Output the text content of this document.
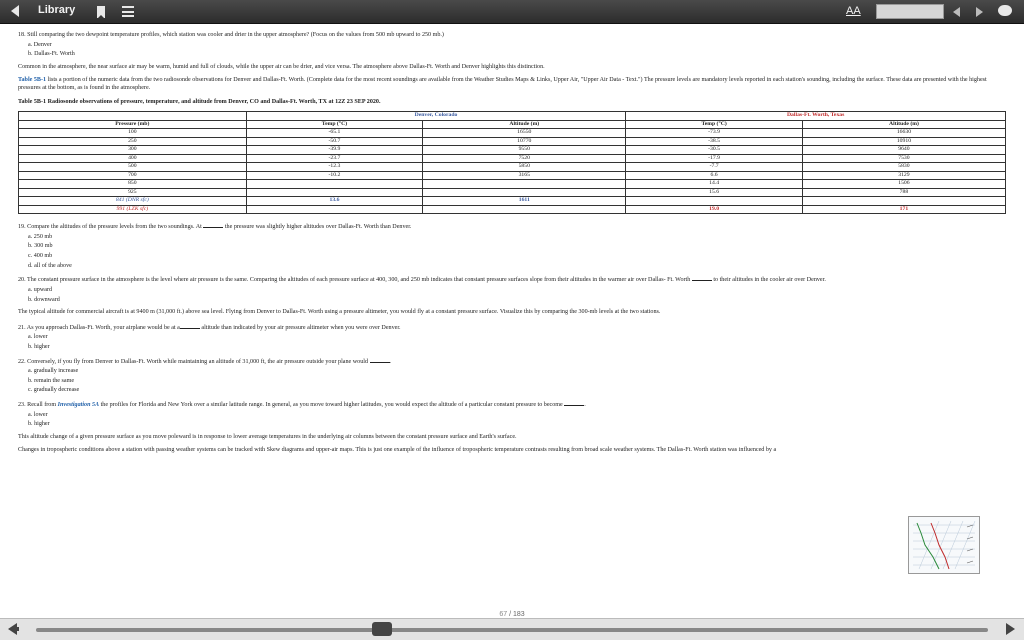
Library	AA
18. Still comparing the two dewpoint temperature profiles, which station was cooler and drier in the upper atmosphere? (Focus on the values from 500 mb upward to 250 mb.)
a. Denver
b. Dallas-Ft. Worth

Common in the atmosphere, the near surface air may be warm, humid and full of clouds, while the upper air can be drier, and vice versa. The atmosphere above Dallas-Ft. Worth and Denver highlights this distinction.

Table 5B-1 lists a portion of the numeric data from the two radiosonde observations for Denver and Dallas-Ft. Worth. (Complete data for the most recent soundings are available from the Weather Studies Maps & Links, Upper Air, "Upper Air Data - Text.") The pressure levels are mandatory levels reported in each station's sounding, including the surface. These data are presented with the highest pressures at the bottom, as is found in the atmosphere.

Table 5B-1 Radiosonde observations of pressure, temperature, and altitude from Denver, CO and Dallas-Ft. Worth, TX at 12Z 23 SEP 2020.
	Denver, Colorado		Dallas-Ft. Worth, Texas	
Pressure (mb)	Temp (°C)	Altitude (m)	Temp (°C)	Altitude (m)
100	-65.1	16550	-73.9	16630
250	-50.7	10770	-38.5	10910
300	-39.9	9550	-30.5	9640
400	-23.7	7520	-17.9	7530
500	-12.3	5850	-7.7	5830
700	-10.2	3165	6.6	3129
850			14.4	1506
925			15.6	788
841 (DNR sfc)	13.6	1611		
991 (LZK sfc)			19.0	171
19. Compare the altitudes of the pressure levels from the two soundings. At	the pressure was slightly higher altitudes over Dallas-Ft. Worth than Denver.
a. 250 mb
b. 300 mb
c. 400 mb
d. all of the above
20. The constant pressure surface in the atmosphere is the level where air pressure is the same. Comparing the altitudes of each pressure surface at 400, 300, and 250 mb indicates that constant pressure surfaces slope from their altitudes in the warmer air over Dallas- Ft. Worth	to their altitudes in the cooler air over Denver.
a. upward
b. downward

The typical altitude for commercial aircraft is at 9400 m (31,000 ft.) above sea level. Flying from Denver to Dallas-Ft. Worth using a pressure altimeter, you would fly at a constant pressure surface. Visualize this by comparing the 300-mb levels at the two stations.

21. As you approach Dallas-Ft. Worth, your airplane would be at a	altitude than indicated by your air pressure altimeter when you were over Denver.
a. lower
b. higher
22. Conversely, if you fly from Denver to Dallas-Ft. Worth while maintaining an altitude of 31,000 ft, the air pressure outside your plane would	.
a. gradually increase
b. remain the same
c. gradually decrease
23. Recall from Investigation 5A the profiles for Florida and New York over a similar latitude range. In general, as you move toward higher latitudes, you would expect the altitude of a particular constant pressure to become	.
a. lower
b. higher

This altitude change of a given pressure surface as you move poleward is in response to lower average temperatures in the underlying air columns between the constant pressure surface and Earth's surface.

Changes in tropospheric conditions above a station with passing weather systems can be tracked with Skew diagrams and upper-air maps. This is just one example of the influence of tropospheric temperature contrasts resulting from broad scale weather systems. The Dallas-Ft. Worth station was influenced by a

67 / 183
